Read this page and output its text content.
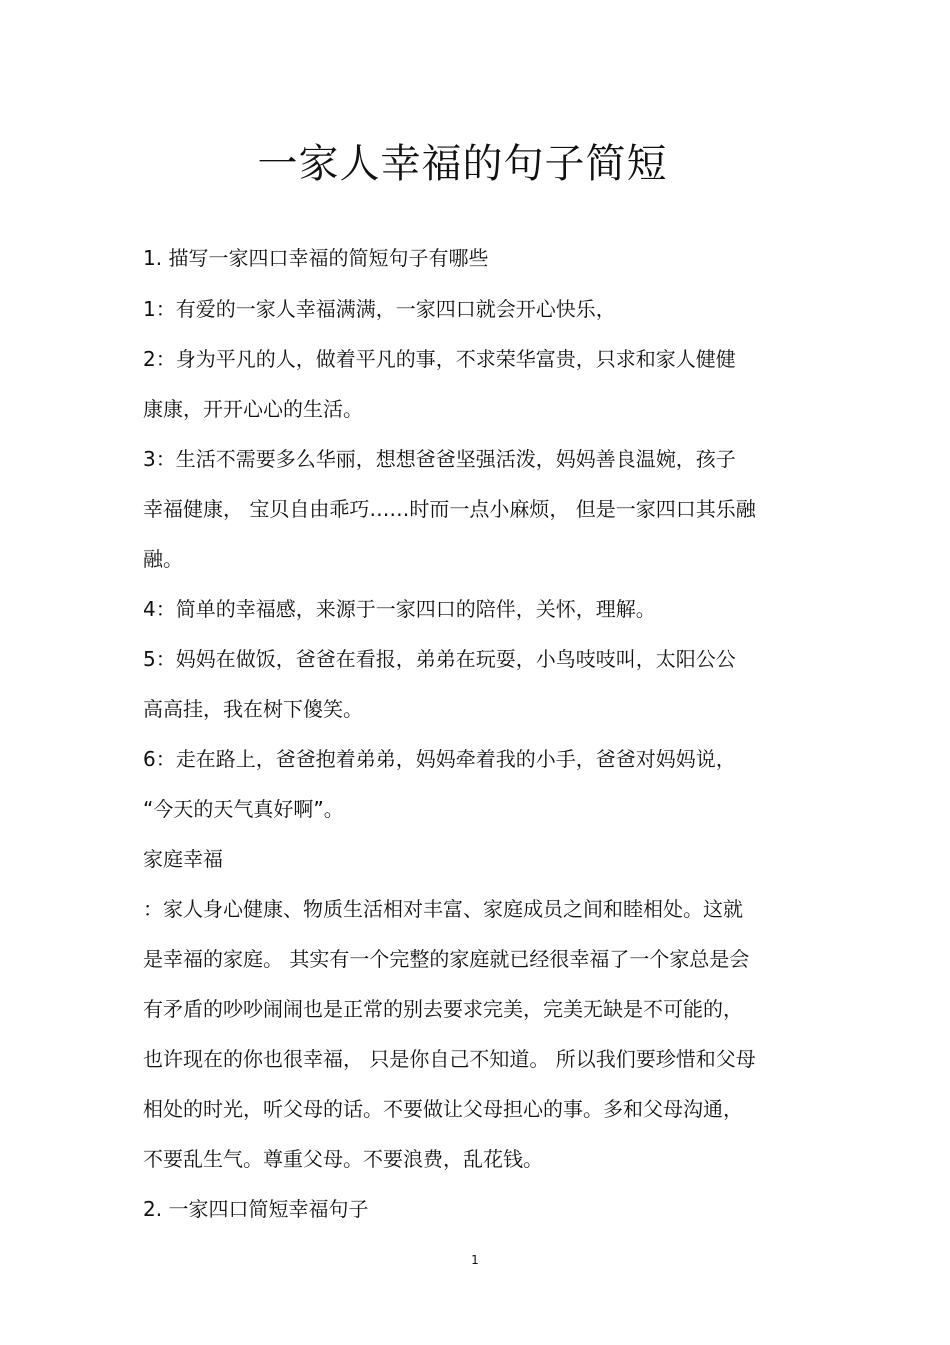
一家人幸福的句子简短
1. 描写一家四口幸福的简短句子有哪些
1：有爱的一家人幸福满满，一家四口就会开心快乐，
2：身为平凡的人，做着平凡的事，不求荣华富贵，只求和家人健健
康康，开开心心的生活。
3：生活不需要多么华丽，想想爸爸坚强活泼，妈妈善良温婉，孩子
幸福健康， 宝贝自由乖巧……时而一点小麻烦， 但是一家四口其乐融
融。
4：简单的幸福感，来源于一家四口的陪伴，关怀，理解。
5：妈妈在做饭，爸爸在看报，弟弟在玩耍，小鸟吱吱叫，太阳公公
高高挂，我在树下傻笑。
6：走在路上，爸爸抱着弟弟，妈妈牵着我的小手，爸爸对妈妈说，
“今天的天气真好啊”。
家庭幸福
：家人身心健康、物质生活相对丰富、家庭成员之间和睦相处。这就
是幸福的家庭。 其实有一个完整的家庭就已经很幸福了一个家总是会
有矛盾的吵吵闹闹也是正常的别去要求完美，完美无缺是不可能的，
也许现在的你也很幸福， 只是你自己不知道。 所以我们要珍惜和父母
相处的时光，听父母的话。不要做让父母担心的事。多和父母沟通，
不要乱生气。尊重父母。不要浪费，乱花钱。
2. 一家四口简短幸福句子
1
